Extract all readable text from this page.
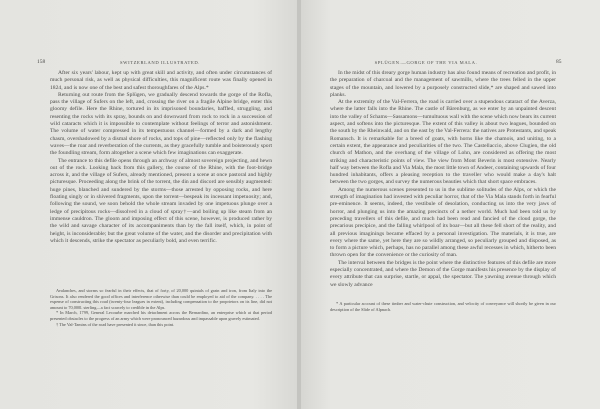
158	SWITZERLAND ILLUSTRATED.

After six years' labour, kept up with great skill and activity, and often under circumstances of much personal risk, as well as physical difficulties, this magnificent route was finally opened in 1824, and is now one of the best and safest thoroughfares of the Alps.*

Returning out route from the Splügen, we gradually descend towards the gorge of the Rofla, pass the village of Sufers on the left, and, crossing the river on a fragile Alpine bridge, enter this gloomy defile. Here the Rhine, tortured in its imprisoned boundaries, baffled, struggling, and resenting the rocks with its spray, bounds on and downward from rock to rock in a succession of wild cataracts which it is impossible to contemplate without feelings of terror and astonishment. The volume of water compressed in its tempestuous channel—formed by a dark and lengthy chasm, overshadowed by a dismal shore of rocks, and tops of pine—reflected only by the flashing waves—the roar and reverberation of the currents, as they gracefully tumble and boisterously sport the foundling stream, form altogether a scene which few imaginations can exaggerate.

The entrance to this defile opens through an archway of almost sovereign projecting, and hewn out of the rock. Looking back from this gallery, the course of the Rhine, with the foot-bridge across it, and the village of Sufers, already mentioned, present a scene at once pastoral and highly picturesque. Proceeding along the brink of the torrent, the din and discord are sensibly augmented: huge pines, blanched and sundered by the storms—those arrested by opposing rocks, and here floating singly or in shivered fragments, upon the torrent—bespeak its incessant impetuosity; and, following the sound, we soon behold the whole stream invaded by one impetuous plunge over a ledge of precipitous rocks—dissolved in a cloud of spray†—and boiling up like steam from an immense cauldron. The gloom and imposing effect of this scene, however, is produced rather by the wild and savage character of its accompaniments than by the fall itself, which, in point of height, is inconsiderable; but the great volume of the water, and the disorder and precipitation with which it descends, strike the spectator as peculiarly bold, and even terrific.

Avalanches, and storms so fearful in their effects, that of forty, of 20,000 quintals of grain and iron, from Italy into the Grisons. It also rendered the good offices and interference otherwise than could be employed to aid of the company. . . . . The expense of constructing this road (twenty-four leagues in extent), including compensation to the proprietors on its line, did not amount to 70,000l. sterling—a fact scarcely to credible in the Alps.

* In March, 1799, General Lecourbe marched his detachment across the Bernardino, an enterprise which at that period presented obstacles to the progress of an army which were pronounced hazardous and impassable upon gravely estimated.

† The Val-Tamins of the road have presented it since, than this point.

SPLÜGEN.—GORGE OF THE VIA MALA.	85

In the midst of this dreary gorge human industry has also found means of recreation and profit, in the preparation of charcoal and the management of sawmills, where the trees felled in the upper stages of the mountain, and lowered by a purposely constructed slide,* are shaped and sawed into planks.

At the extremity of the Val-Ferrera, the road is carried over a stupendous cataract of the Averza, where the latter falls into the Rhine. The castle of Bärenburg, as we enter by an unpainted descent into the valley of Schams—Sassamons—tumultuous wall with the scene which now bears its current aspect, and softens into the picturesque. The extent of this valley is about two leagues, bounded on the south by the Rheinwald, and on the east by the Val-Ferrera: the natives are Protestants, and speak Romansch. It is remarkable for a breed of goats, with horns like the chamois, and uniting, to a certain extent, the appearance and peculiarities of the two. The Castellaccio, above Clugien, the old church of Mathon, and the overhang of the village of Lohn, are considered as offering the most striking and characteristic points of view. The view from Mont Beverin is most extensive. Nearly half way between the Rofla and Via Mala, the most little town of Andeer, containing upwards of four hundred inhabitants, offers a pleasing reception to the traveller who would make a day's halt between the two gorges, and survey the numerous beauties which that short space embraces.

Among the numerous scenes presented to us in the sublime solitudes of the Alps, or which the strength of imagination had invested with peculiar horror, that of the Via Mala stands forth in fearful pre-eminence. It seems, indeed, the vestibule of desolation, conducting us into the very jaws of horror, and plunging us into the amazing precincts of a nether world. Much had been told us by preceding travellers of this defile, and much had been read and fancied of the cloud gorge, the precarious precipice, and the falling whirlpool of its boar—but all these fell short of the reality, and all previous imaginings became effaced by a personal investigation. The materials, it is true, are every where the same, yet here they are so wildly arranged, so peculiarly grouped and disposed, as to form a picture which, perhaps, has no parallel among these awful recesses in which, hitherto been thrown open for the convenience or the curiosity of man.

The interval between the bridges is the point where the distinctive features of this defile are more especially concentrated, and where the Demon of the Gorge manifests his presence by the display of every attribute that can surprise, startle, or appal, the spectator. The yawning avenue through which we slowly advance

* A particular account of these timber and water-chute construction, and velocity of conveyance will shortly be given in our description of the Slide of Alpnach.
